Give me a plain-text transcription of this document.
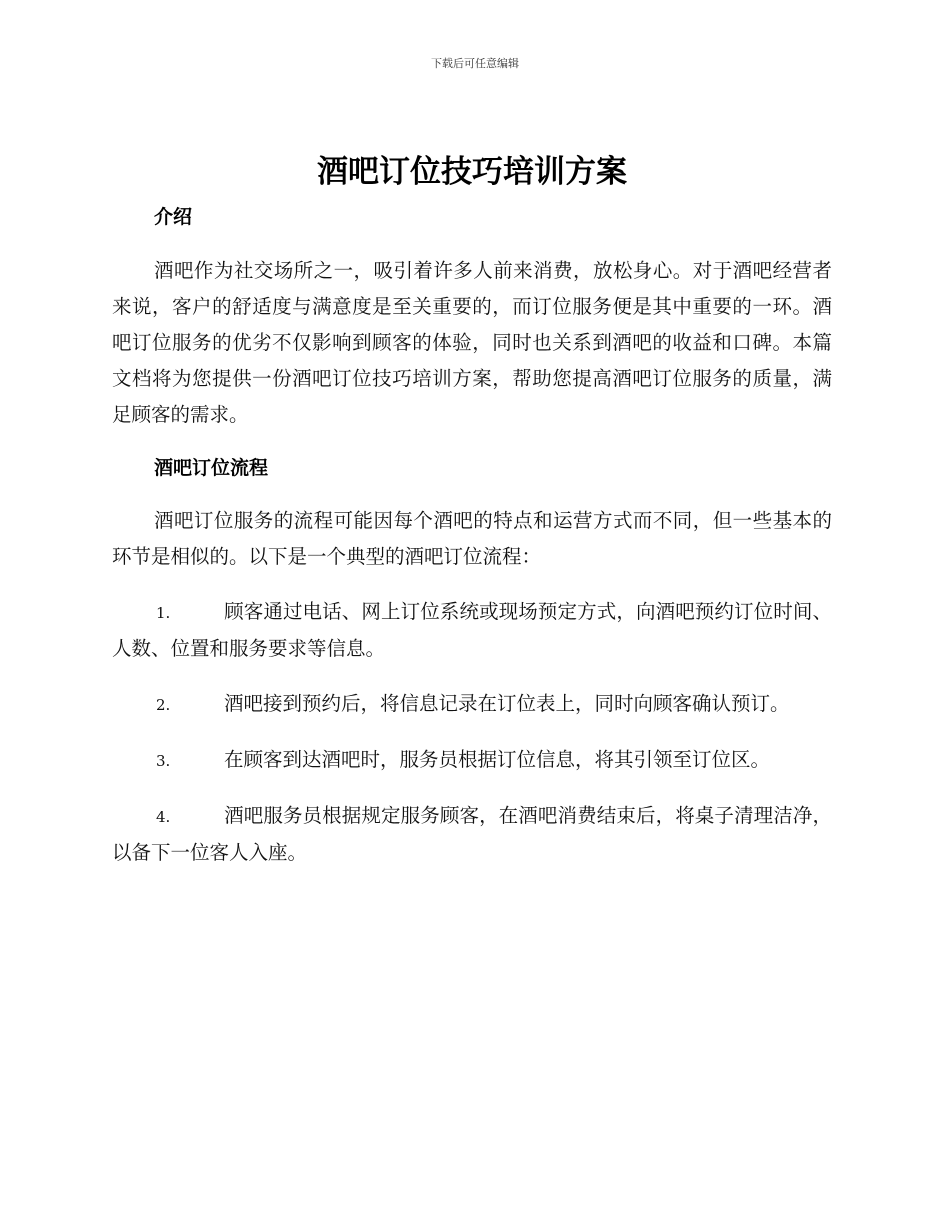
下载后可任意编辑
酒吧订位技巧培训方案
介绍

酒吧作为社交场所之一，吸引着许多人前来消费，放松身心。对于酒吧经营者来说，客户的舒适度与满意度是至关重要的，而订位服务便是其中重要的一环。酒吧订位服务的优劣不仅影响到顾客的体验，同时也关系到酒吧的收益和口碑。本篇文档将为您提供一份酒吧订位技巧培训方案，帮助您提高酒吧订位服务的质量，满足顾客的需求。

酒吧订位流程

酒吧订位服务的流程可能因每个酒吧的特点和运营方式而不同，但一些基本的环节是相似的。以下是一个典型的酒吧订位流程：

1.	顾客通过电话、网上订位系统或现场预定方式，向酒吧预约订位时间、人数、位置和服务要求等信息。

2.	酒吧接到预约后，将信息记录在订位表上，同时向顾客确认预订。

3.	在顾客到达酒吧时，服务员根据订位信息，将其引领至订位区。

4.	酒吧服务员根据规定服务顾客，在酒吧消费结束后，将桌子清理洁净，以备下一位客人入座。
